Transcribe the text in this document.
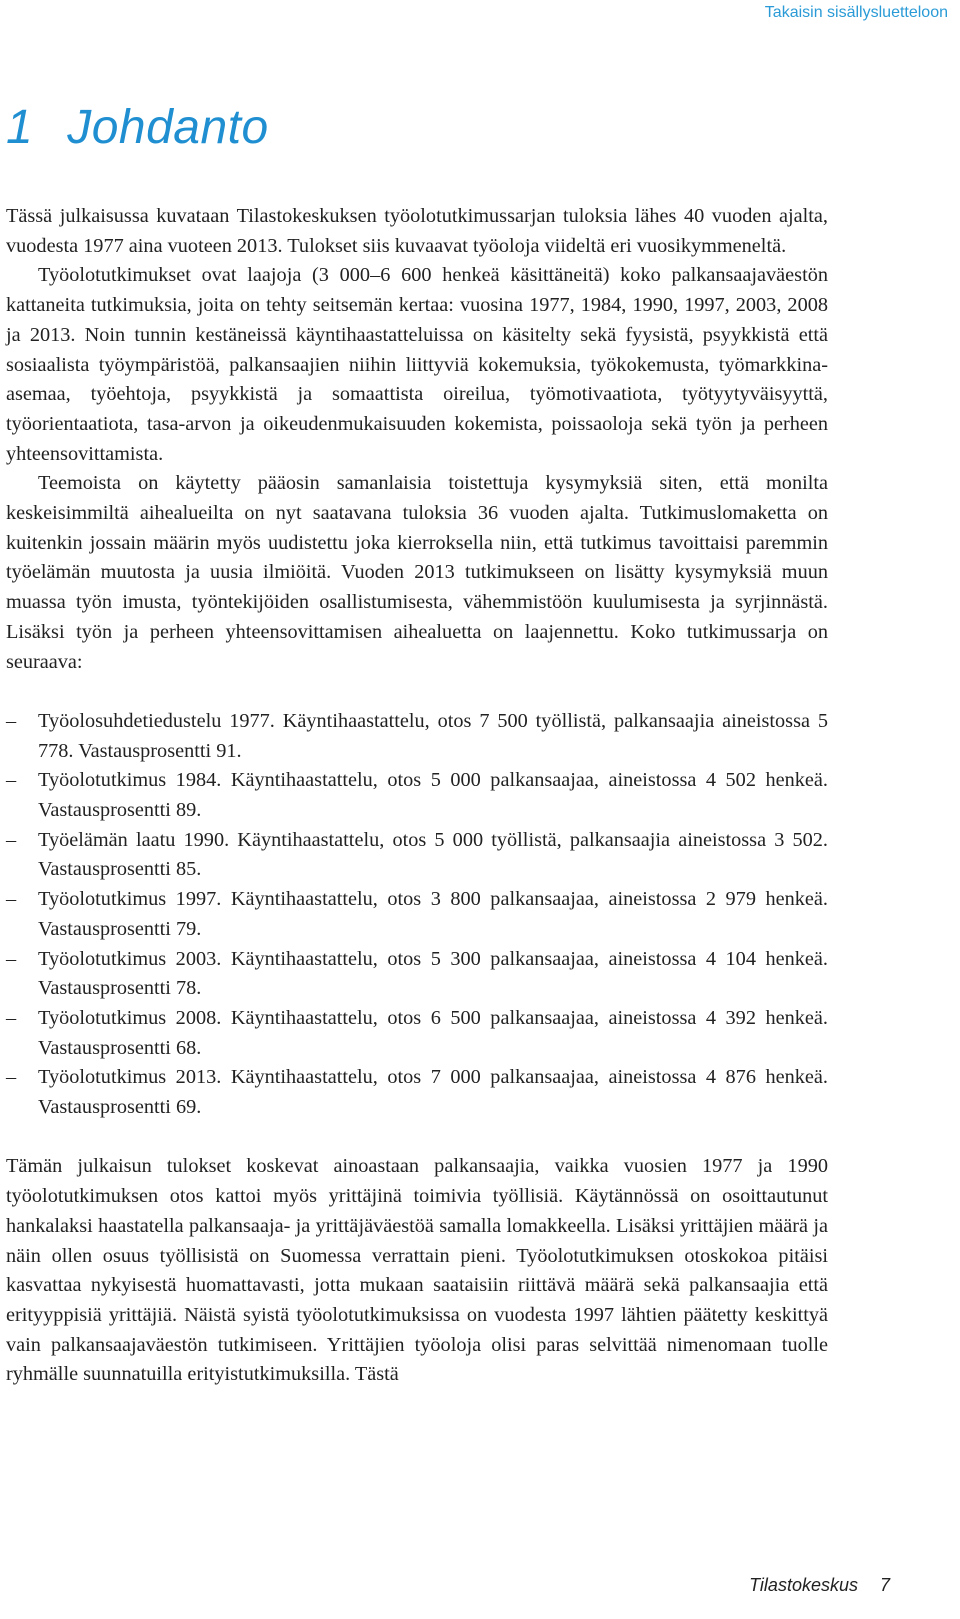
Takaisin sisällysluetteloon
1 Johdanto

Tässä julkaisussa kuvataan Tilastokeskuksen työolotutkimussarjan tuloksia lähes 40 vuoden ajalta, vuodesta 1977 aina vuoteen 2013. Tulokset siis kuvaavat työoloja viideltä eri vuosikymmeneltä.

Työolotutkimukset ovat laajoja (3 000–6 600 henkeä käsittäneitä) koko palkansaajaväestön kattaneita tutkimuksia, joita on tehty seitsemän kertaa: vuosina 1977, 1984, 1990, 1997, 2003, 2008 ja 2013. Noin tunnin kestäneissä käyntihaastatteluissa on käsitelty sekä fyysistä, psyykkistä että sosiaalista työympäristöä, palkansaajien niihin liittyviä kokemuksia, työkokemusta, työmarkkina-asemaa, työehtoja, psyykkistä ja somaattista oireilua, työmotivaatiota, työtyytyväisyyttä, työorientaatiota, tasa-arvon ja oikeudenmukaisuuden kokemista, poissaoloja sekä työn ja perheen yhteensovittamista.

Teemoista on käytetty pääosin samanlaisia toistettuja kysymyksiä siten, että monilta keskeisimmiltä aihealueilta on nyt saatavana tuloksia 36 vuoden ajalta. Tutkimuslomaketta on kuitenkin jossain määrin myös uudistettu joka kierroksella niin, että tutkimus tavoittaisi paremmin työelämän muutosta ja uusia ilmiöitä. Vuoden 2013 tutkimukseen on lisätty kysymyksiä muun muassa työn imusta, työntekijöiden osallistumisesta, vähemmistöön kuulumisesta ja syrjinnästä. Lisäksi työn ja perheen yhteensovittamisen aihealuetta on laajennettu. Koko tutkimussarja on seuraava:

– Työolosuhdetiedustelu 1977. Käyntihaastattelu, otos 7 500 työllistä, palkansaajia aineistossa 5 778. Vastausprosentti 91.
– Työolotutkimus 1984. Käyntihaastattelu, otos 5 000 palkansaajaa, aineistossa 4 502 henkeä. Vastausprosentti 89.
– Työelämän laatu 1990. Käyntihaastattelu, otos 5 000 työllistä, palkansaajia aineistossa 3 502. Vastausprosentti 85.
– Työolotutkimus 1997. Käyntihaastattelu, otos 3 800 palkansaajaa, aineistossa 2 979 henkeä. Vastausprosentti 79.
– Työolotutkimus 2003. Käyntihaastattelu, otos 5 300 palkansaajaa, aineistossa 4 104 henkeä. Vastausprosentti 78.
– Työolotutkimus 2008. Käyntihaastattelu, otos 6 500 palkansaajaa, aineistossa 4 392 henkeä. Vastausprosentti 68.
– Työolotutkimus 2013. Käyntihaastattelu, otos 7 000 palkansaajaa, aineistossa 4 876 henkeä. Vastausprosentti 69.

Tämän julkaisun tulokset koskevat ainoastaan palkansaajia, vaikka vuosien 1977 ja 1990 työolotutkimuksen otos kattoi myös yrittäjinä toimivia työllisiä. Käytännössä on osoittautunut hankalaksi haastatella palkansaaja- ja yrittäjäväestöä samalla lomakkeella. Lisäksi yrittäjien määrä ja näin ollen osuus työllisistä on Suomessa verrattain pieni. Työolotutkimuksen otoskokoa pitäisi kasvattaa nykyisestä huomattavasti, jotta mukaan saataisiin riittävä määrä sekä palkansaajia että erityyppisiä yrittäjiä. Näistä syistä työolotutkimuksissa on vuodesta 1997 lähtien päätetty keskittyä vain palkansaajaväestön tutkimiseen. Yrittäjien työoloja olisi paras selvittää nimenomaan tuolle ryhmälle suunnatuilla erityistutkimuksilla. Tästä

Tilastokeskus 7
